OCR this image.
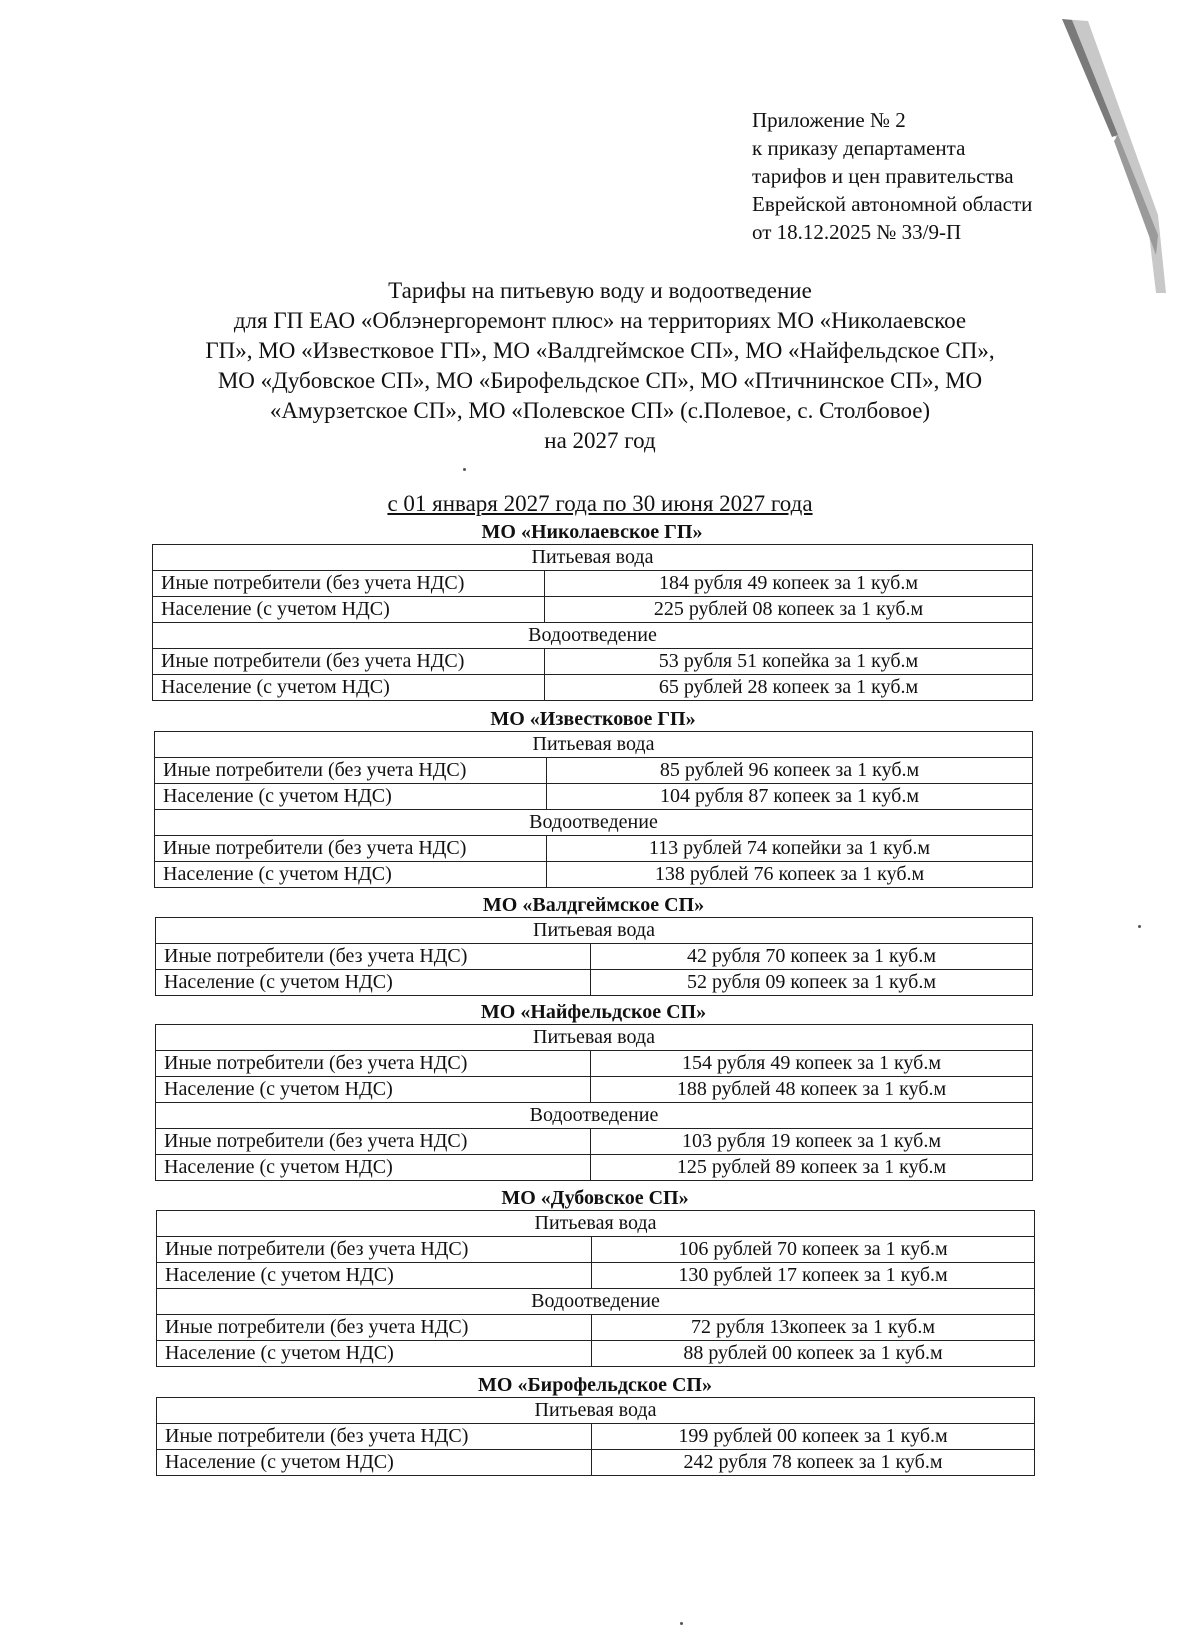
Приложение № 2
к приказу департамента
тарифов и цен правительства
Еврейской автономной области
от 18.12.2025 № 33/9-П
Тарифы на питьевую воду и водоотведение
для ГП ЕАО «Облэнергоремонт плюс» на территориях МО «Николаевское
ГП», МО «Известковое ГП», МО «Валдгеймское СП», МО «Найфельдское СП»,
МО «Дубовское СП», МО «Бирофельдское СП», МО «Птичнинское СП», МО
«Амурзетское СП», МО «Полевское СП» (с.Полевое, с. Столбовое)
на 2027 год
с 01 января 2027 года по 30 июня 2027 года
МО «Николаевское ГП»
Питьевая вода	
Иные потребители (без учета НДС)	184 рубля 49 копеек за 1 куб.м
Население (с учетом НДС)	225 рублей 08 копеек за 1 куб.м
Водоотведение	
Иные потребители (без учета НДС)	53 рубля 51 копейка за 1 куб.м
Население (с учетом НДС)	65 рублей 28 копеек за 1 куб.м
МО «Известковое ГП»
Питьевая вода	
Иные потребители (без учета НДС)	85 рублей 96 копеек за 1 куб.м
Население (с учетом НДС)	104 рубля 87 копеек за 1 куб.м
Водоотведение	
Иные потребители (без учета НДС)	113 рублей 74 копейки за 1 куб.м
Население (с учетом НДС)	138 рублей 76 копеек за 1 куб.м
МО «Валдгеймское СП»
Питьевая вода	
Иные потребители (без учета НДС)	42 рубля 70 копеек за 1 куб.м
Население (с учетом НДС)	52 рубля 09 копеек за 1 куб.м
МО «Найфельдское СП»
Питьевая вода	
Иные потребители (без учета НДС)	154 рубля 49 копеек за 1 куб.м
Население (с учетом НДС)	188 рублей 48 копеек за 1 куб.м
Водоотведение	
Иные потребители (без учета НДС)	103 рубля 19 копеек за 1 куб.м
Население (с учетом НДС)	125 рублей 89 копеек за 1 куб.м
МО «Дубовское СП»
Питьевая вода	
Иные потребители (без учета НДС)	106 рублей 70 копеек за 1 куб.м
Население (с учетом НДС)	130 рублей 17 копеек за 1 куб.м
Водоотведение	
Иные потребители (без учета НДС)	72 рубля 13копеек за 1 куб.м
Население (с учетом НДС)	88 рублей 00 копеек за 1 куб.м
МО «Бирофельдское СП»
Питьевая вода	
Иные потребители (без учета НДС)	199 рублей 00 копеек за 1 куб.м
Население (с учетом НДС)	242 рубля 78 копеек за 1 куб.м
